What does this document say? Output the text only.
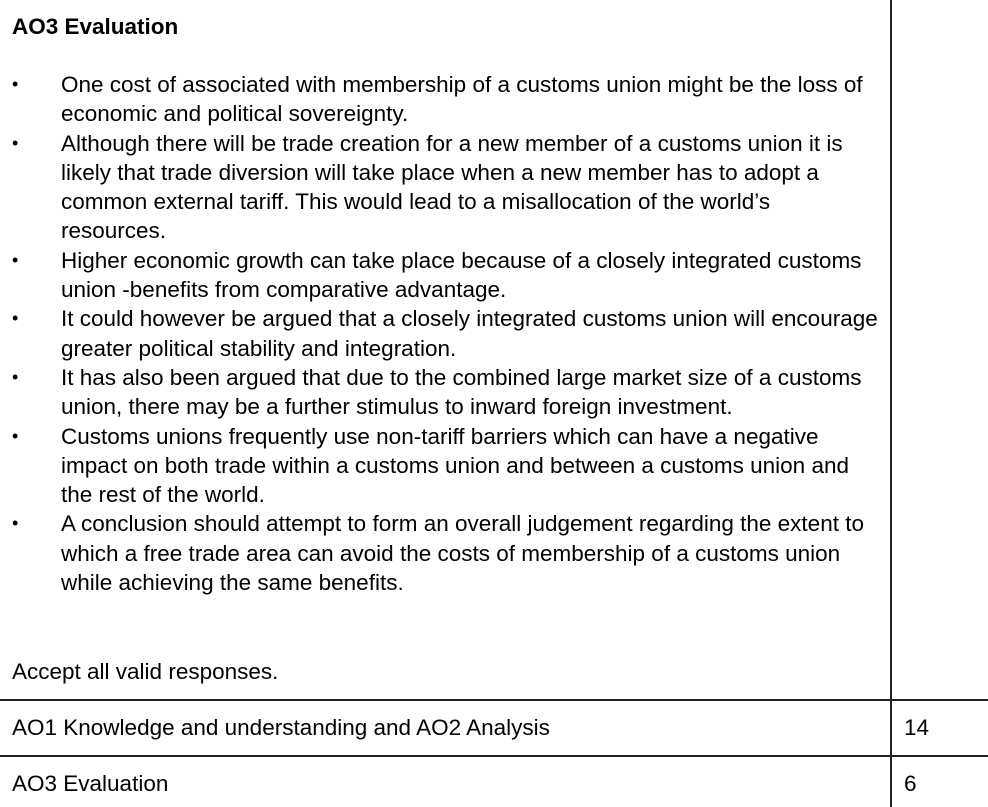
AO3 Evaluation
• One cost of associated with membership of a customs union might be the loss of economic and political sovereignty.
• Although there will be trade creation for a new member of a customs union it is likely that trade diversion will take place when a new member has to adopt a common external tariff. This would lead to a misallocation of the world’s resources.
• Higher economic growth can take place because of a closely integrated customs union -benefits from comparative advantage.
• It could however be argued that a closely integrated customs union will encourage greater political stability and integration.
• It has also been argued that due to the combined large market size of a customs union, there may be a further stimulus to inward foreign investment.
• Customs unions frequently use non-tariff barriers which can have a negative impact on both trade within a customs union and between a customs union and the rest of the world.
• A conclusion should attempt to form an overall judgement regarding the extent to which a free trade area can avoid the costs of membership of a customs union while achieving the same benefits.
Accept all valid responses.
AO1 Knowledge and understanding and AO2 Analysis	14
AO3 Evaluation	6
